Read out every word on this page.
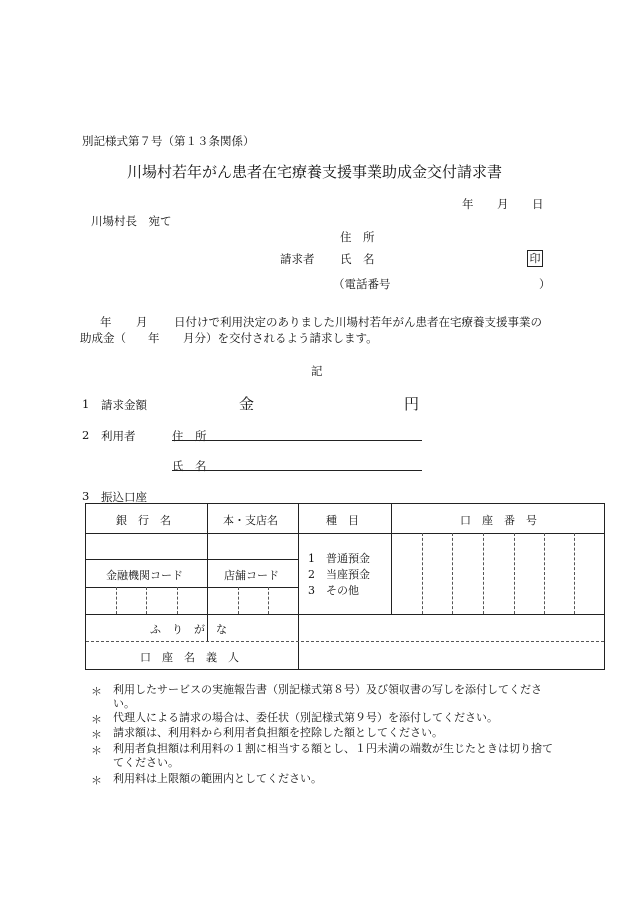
別記様式第７号（第１３条関係）
川場村若年がん患者在宅療養支援事業助成金交付請求書
年 月 日
川場村長　宛て
住　所
請求者 氏　名	印
（電話番号	）
年 月 日付けで利用決定のありました川場村若年がん患者在宅療養支援事業の
助成金（ 年 月分）を交付されるよう請求します。
記
1 請求金額	金	円
2 利用者	住　所
氏　名
3 振込口座
銀　行　名	本・支店名	種　目	口　座　番　号
金融機関コード	店舗コード
1　普通預金
2　当座預金
3　その他
ふ　り　が　な
口　座　名　義　人
＊ 利用したサービスの実施報告書（別記様式第８号）及び領収書の写しを添付してください。
＊ 代理人による請求の場合は、委任状（別記様式第９号）を添付してください。
＊ 請求額は、利用料から利用者負担額を控除した額としてください。
＊ 利用者負担額は利用料の１割に相当する額とし、１円未満の端数が生じたときは切り捨ててください。
＊ 利用料は上限額の範囲内としてください。
